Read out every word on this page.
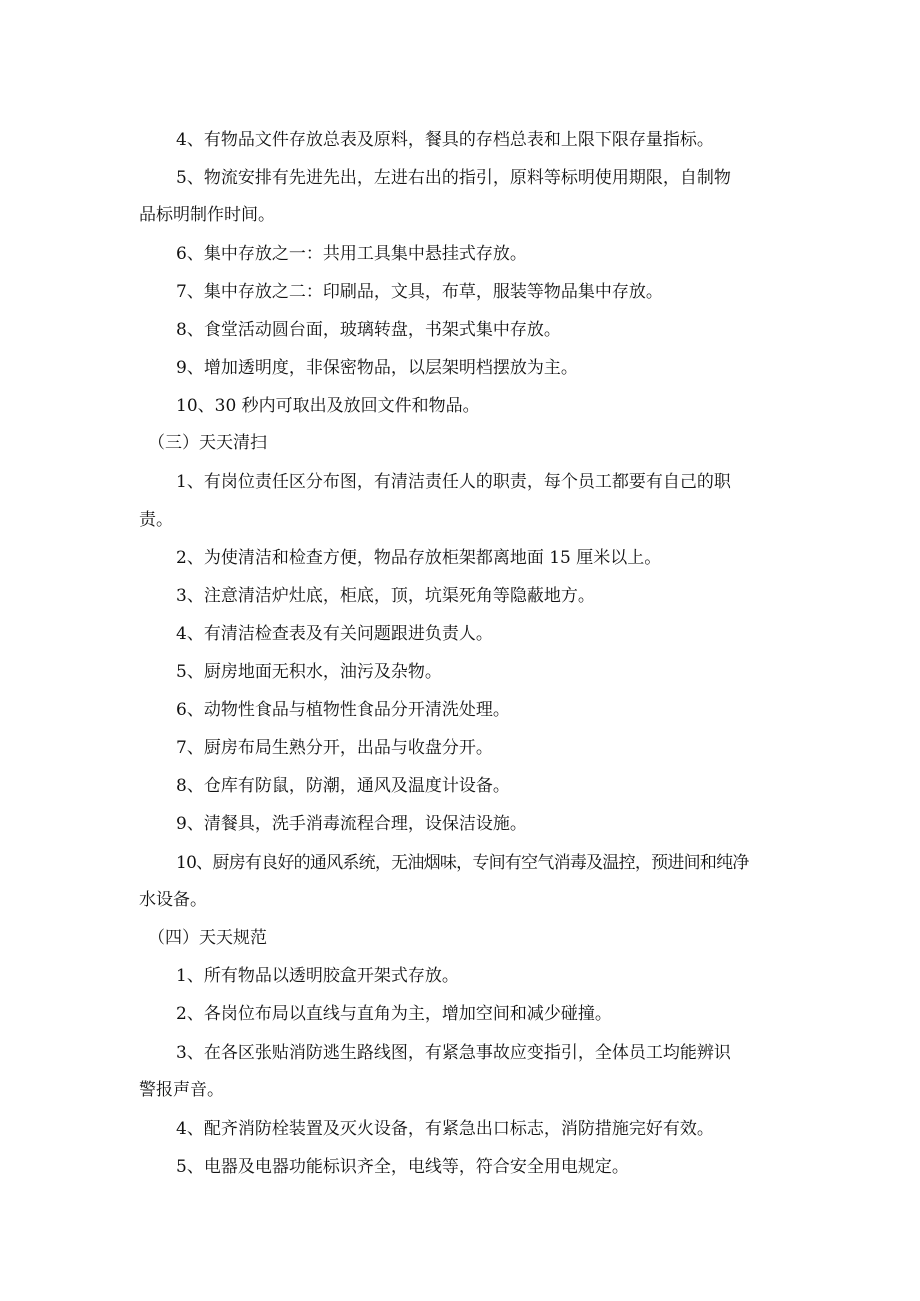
4、有物品文件存放总表及原料，餐具的存档总表和上限下限存量指标。
5、物流安排有先进先出，左进右出的指引，原料等标明使用期限，自制物
品标明制作时间。
6、集中存放之一：共用工具集中悬挂式存放。
7、集中存放之二：印刷品，文具，布草，服装等物品集中存放。
8、食堂活动圆台面，玻璃转盘，书架式集中存放。
9、增加透明度，非保密物品，以层架明档摆放为主。
10、30 秒内可取出及放回文件和物品。
（三）天天清扫
1、有岗位责任区分布图，有清洁责任人的职责，每个员工都要有自己的职
责。
2、为使清洁和检查方便，物品存放柜架都离地面 15 厘米以上。
3、注意清洁炉灶底，柜底，顶，坑渠死角等隐蔽地方。
4、有清洁检查表及有关问题跟进负责人。
5、厨房地面无积水，油污及杂物。
6、动物性食品与植物性食品分开清洗处理。
7、厨房布局生熟分开，出品与收盘分开。
8、仓库有防鼠，防潮，通风及温度计设备。
9、清餐具，洗手消毒流程合理，设保洁设施。
10、厨房有良好的通风系统，无油烟味，专间有空气消毒及温控，预进间和纯净
水设备。
（四）天天规范
1、所有物品以透明胶盒开架式存放。
2、各岗位布局以直线与直角为主，增加空间和减少碰撞。
3、在各区张贴消防逃生路线图，有紧急事故应变指引，全体员工均能辨识
警报声音。
4、配齐消防栓装置及灭火设备，有紧急出口标志，消防措施完好有效。
5、电器及电器功能标识齐全，电线等，符合安全用电规定。
